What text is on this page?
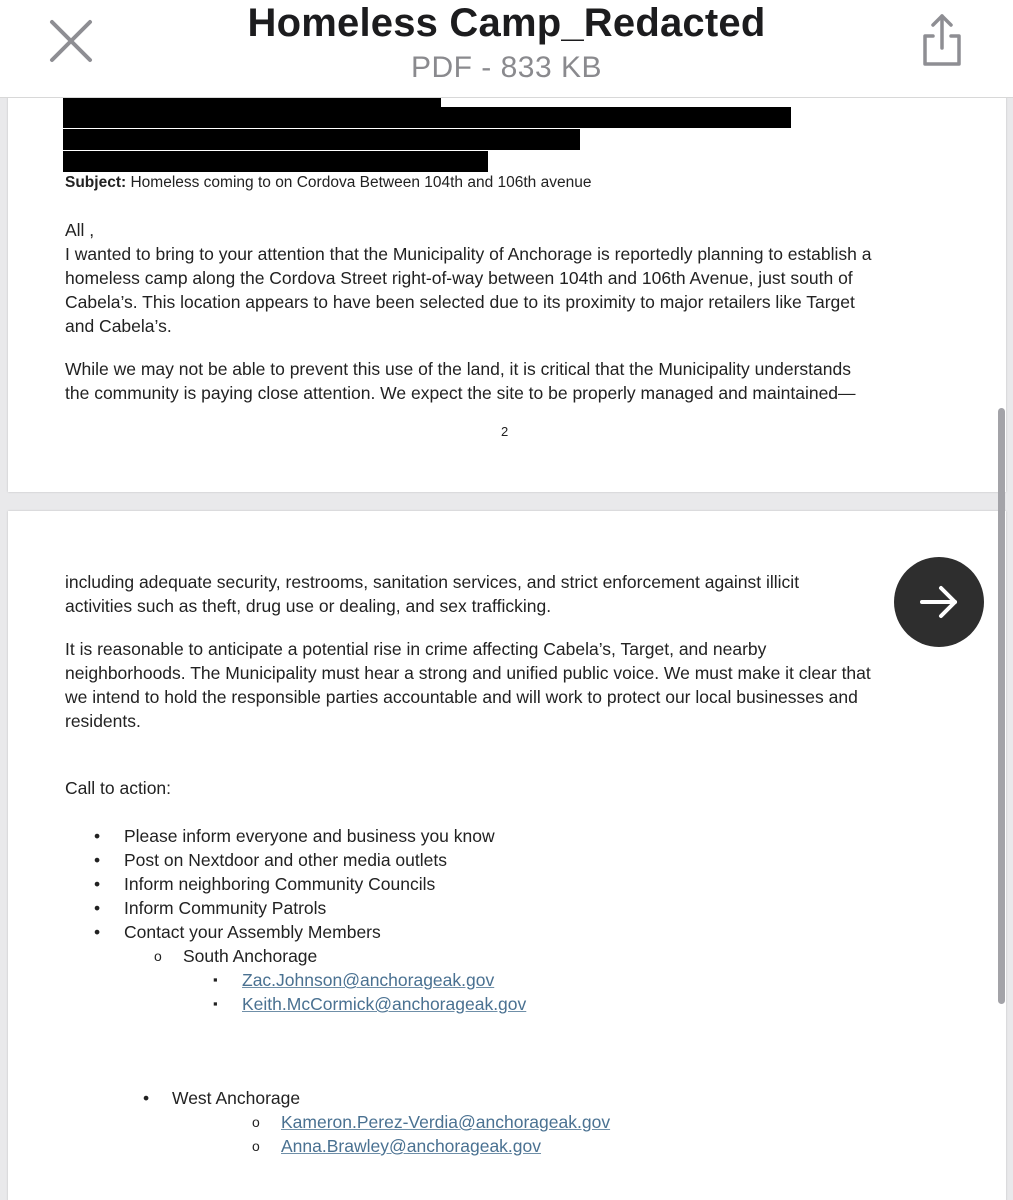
Subject: Homeless coming to on Cordova Between 104th and 106th avenue
All ,

I wanted to bring to your attention that the Municipality of Anchorage is reportedly planning to establish a

homeless camp along the Cordova Street right-of-way between 104th and 106th Avenue, just south of

Cabela’s. This location appears to have been selected due to its proximity to major retailers like Target

and Cabela’s.

While we may not be able to prevent this use of the land, it is critical that the Municipality understands

the community is paying close attention. We expect the site to be properly managed and maintained—

2

including adequate security, restrooms, sanitation services, and strict enforcement against illicit

activities such as theft, drug use or dealing, and sex trafficking.

It is reasonable to anticipate a potential rise in crime affecting Cabela’s, Target, and nearby

neighborhoods. The Municipality must hear a strong and unified public voice. We must make it clear that

we intend to hold the responsible parties accountable and will work to protect our local businesses and

residents.

Call to action:
• Please inform everyone and business you know
• Post on Nextdoor and other media outlets
• Inform neighboring Community Councils
• Inform Community Patrols
• Contact your Assembly Members
o South Anchorage
▪ Zac.Johnson@anchorageak.gov
▪ Keith.McCormick@anchorageak.gov
• West Anchorage
o Kameron.Perez-Verdia@anchorageak.gov
o Anna.Brawley@anchorageak.gov
Homeless Camp_Redacted
PDF - 833 KB
